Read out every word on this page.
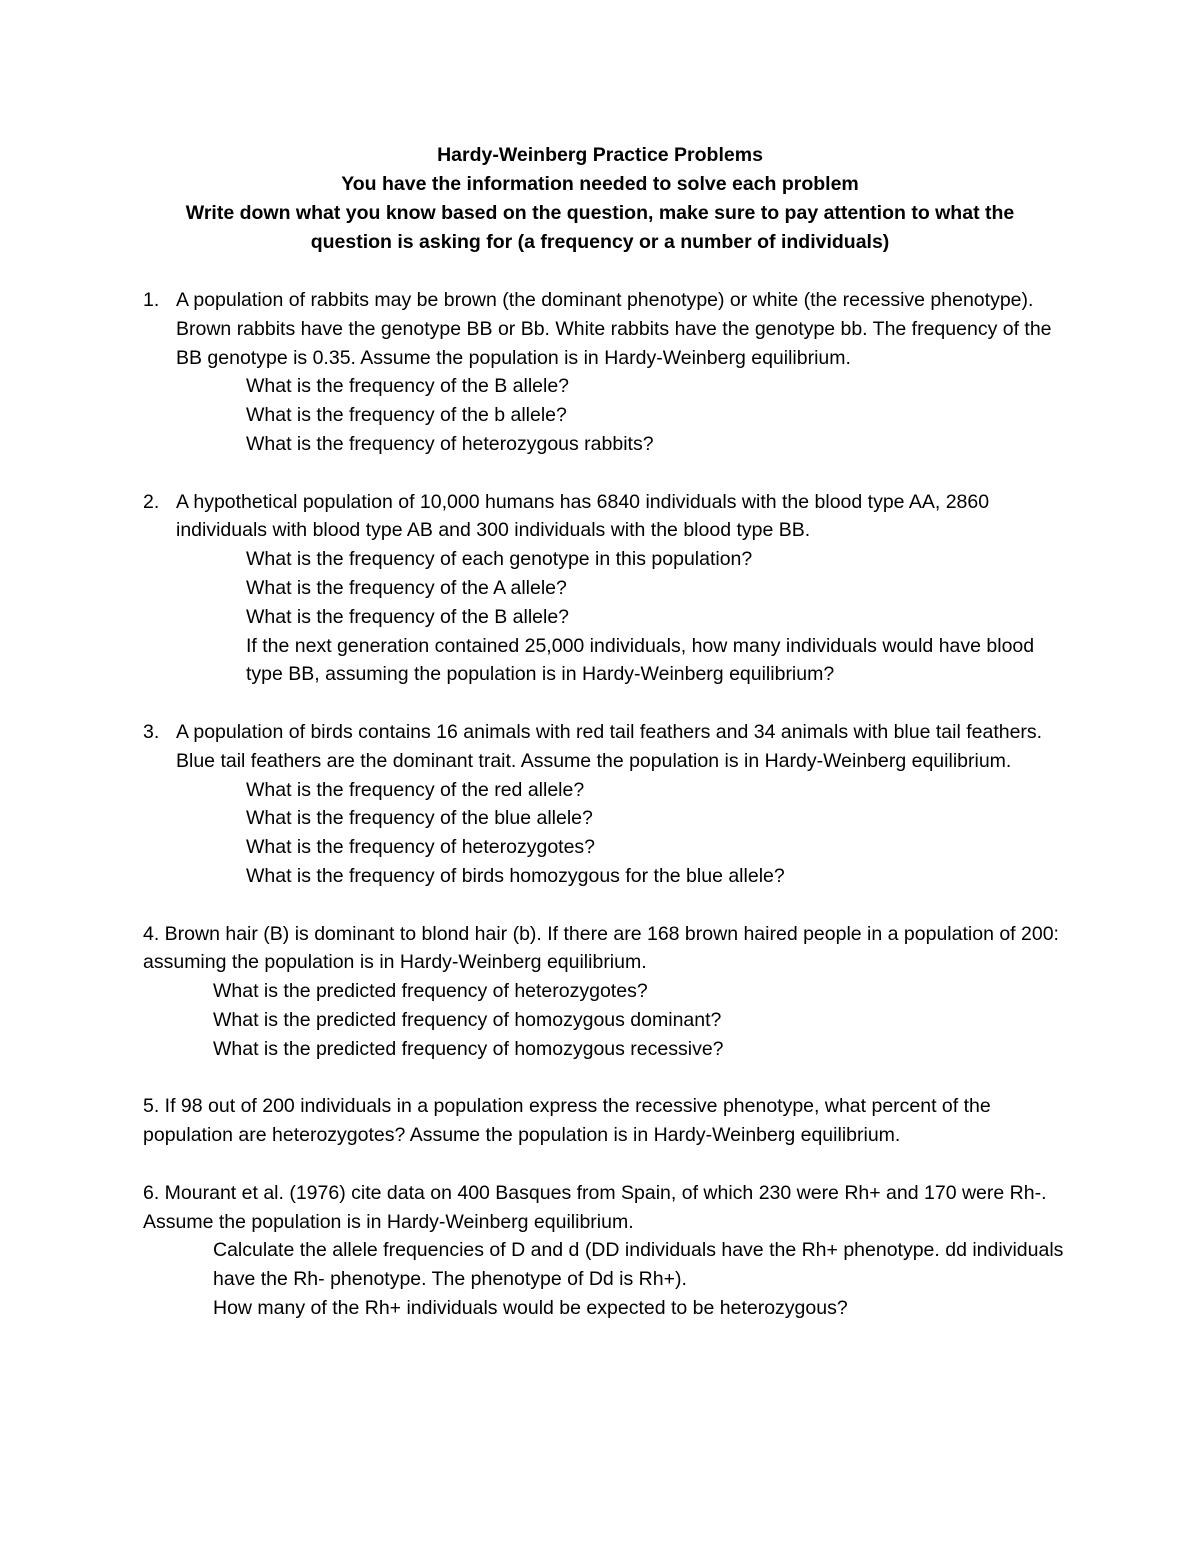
Hardy-Weinberg Practice Problems
You have the information needed to solve each problem
Write down what you know based on the question, make sure to pay attention to what the
question is asking for (a frequency or a number of individuals)
1. A population of rabbits may be brown (the dominant phenotype) or white (the recessive phenotype). Brown rabbits have the genotype BB or Bb. White rabbits have the genotype bb. The frequency of the BB genotype is 0.35. Assume the population is in Hardy-Weinberg equilibrium.
What is the frequency of the B allele?
What is the frequency of the b allele?
What is the frequency of heterozygous rabbits?
2. A hypothetical population of 10,000 humans has 6840 individuals with the blood type AA, 2860 individuals with blood type AB and 300 individuals with the blood type BB.
What is the frequency of each genotype in this population?
What is the frequency of the A allele?
What is the frequency of the B allele?
If the next generation contained 25,000 individuals, how many individuals would have blood type BB, assuming the population is in Hardy-Weinberg equilibrium?
3. A population of birds contains 16 animals with red tail feathers and 34 animals with blue tail feathers. Blue tail feathers are the dominant trait. Assume the population is in Hardy-Weinberg equilibrium.
What is the frequency of the red allele?
What is the frequency of the blue allele?
What is the frequency of heterozygotes?
What is the frequency of birds homozygous for the blue allele?
4. Brown hair (B) is dominant to blond hair (b). If there are 168 brown haired people in a population of 200: assuming the population is in Hardy-Weinberg equilibrium.
What is the predicted frequency of heterozygotes?
What is the predicted frequency of homozygous dominant?
What is the predicted frequency of homozygous recessive?
5. If 98 out of 200 individuals in a population express the recessive phenotype, what percent of the population are heterozygotes? Assume the population is in Hardy-Weinberg equilibrium.
6. Mourant et al. (1976) cite data on 400 Basques from Spain, of which 230 were Rh+ and 170 were Rh-. Assume the population is in Hardy-Weinberg equilibrium.
Calculate the allele frequencies of D and d (DD individuals have the Rh+ phenotype. dd individuals have the Rh- phenotype. The phenotype of Dd is Rh+).
How many of the Rh+ individuals would be expected to be heterozygous?
